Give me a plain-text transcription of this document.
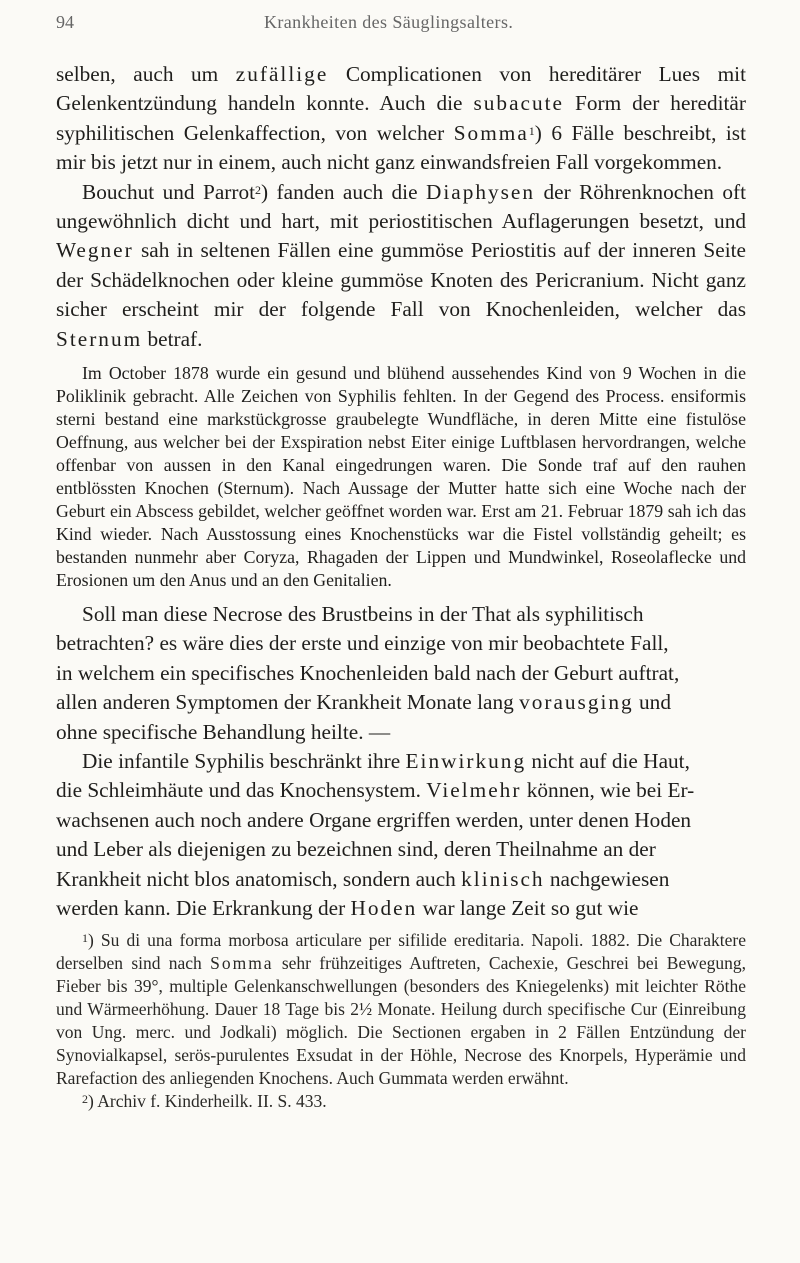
94	Krankheiten des Säuglingsalters.

selben, auch um zufällige Complicationen von hereditärer Lues mit Gelenkentzündung handeln konnte. Auch die subacute Form der hereditär syphilitischen Gelenkaffection, von welcher Somma$^1$) 6 Fälle beschreibt, ist mir bis jetzt nur in einem, auch nicht ganz einwandsfreien Fall vorgekommen.

Bouchut und Parrot$^2$) fanden auch die Diaphysen der Röhrenknochen oft ungewöhnlich dicht und hart, mit periostitischen Auflagerungen besetzt, und Wegner sah in seltenen Fällen eine gummöse Periostitis auf der inneren Seite der Schädelknochen oder kleine gummöse Knoten des Pericranium. Nicht ganz sicher erscheint mir der folgende Fall von Knochenleiden, welcher das Sternum betraf.

Im October 1878 wurde ein gesund und blühend aussehendes Kind von 9 Wochen in die Poliklinik gebracht. Alle Zeichen von Syphilis fehlten. In der Gegend des Process. ensiformis sterni bestand eine markstückgrosse graubelegte Wundfläche, in deren Mitte eine fistulöse Oeffnung, aus welcher bei der Exspiration nebst Eiter einige Luftblasen hervordrangen, welche offenbar von aussen in den Kanal eingedrungen waren. Die Sonde traf auf den rauhen entblössten Knochen (Sternum). Nach Aussage der Mutter hatte sich eine Woche nach der Geburt ein Abscess gebildet, welcher geöffnet worden war. Erst am 21. Februar 1879 sah ich das Kind wieder. Nach Ausstossung eines Knochenstücks war die Fistel vollständig geheilt; es bestanden nunmehr aber Coryza, Rhagaden der Lippen und Mundwinkel, Roseolaflecke und Erosionen um den Anus und an den Genitalien.

Soll man diese Necrose des Brustbeins in der That als syphilitisch
betrachten? es wäre dies der erste und einzige von mir beobachtete Fall,
in welchem ein specifisches Knochenleiden bald nach der Geburt auftrat,
allen anderen Symptomen der Krankheit Monate lang vorausging und
ohne specifische Behandlung heilte. —
Die infantile Syphilis beschränkt ihre Einwirkung nicht auf die Haut,
die Schleimhäute und das Knochensystem. Vielmehr können, wie bei Er-
wachsenen auch noch andere Organe ergriffen werden, unter denen Hoden
und Leber als diejenigen zu bezeichnen sind, deren Theilnahme an der
Krankheit nicht blos anatomisch, sondern auch klinisch nachgewiesen
werden kann. Die Erkrankung der Hoden war lange Zeit so gut wie

$^1$) Su di una forma morbosa articulare per sifilide ereditaria. Napoli. 1882. Die Charaktere derselben sind nach Somma sehr frühzeitiges Auftreten, Cachexie, Geschrei bei Bewegung, Fieber bis 39°, multiple Gelenkanschwellungen (besonders des Kniegelenks) mit leichter Röthe und Wärmeerhöhung. Dauer 18 Tage bis 2½ Monate. Heilung durch specifische Cur (Einreibung von Ung. merc. und Jodkali) möglich. Die Sectionen ergaben in 2 Fällen Entzündung der Synovialkapsel, serös-purulentes Exsudat in der Höhle, Necrose des Knorpels, Hyperämie und Rarefaction des anliegenden Knochens. Auch Gummata werden erwähnt.

$^2$) Archiv f. Kinderheilk. II. S. 433.
